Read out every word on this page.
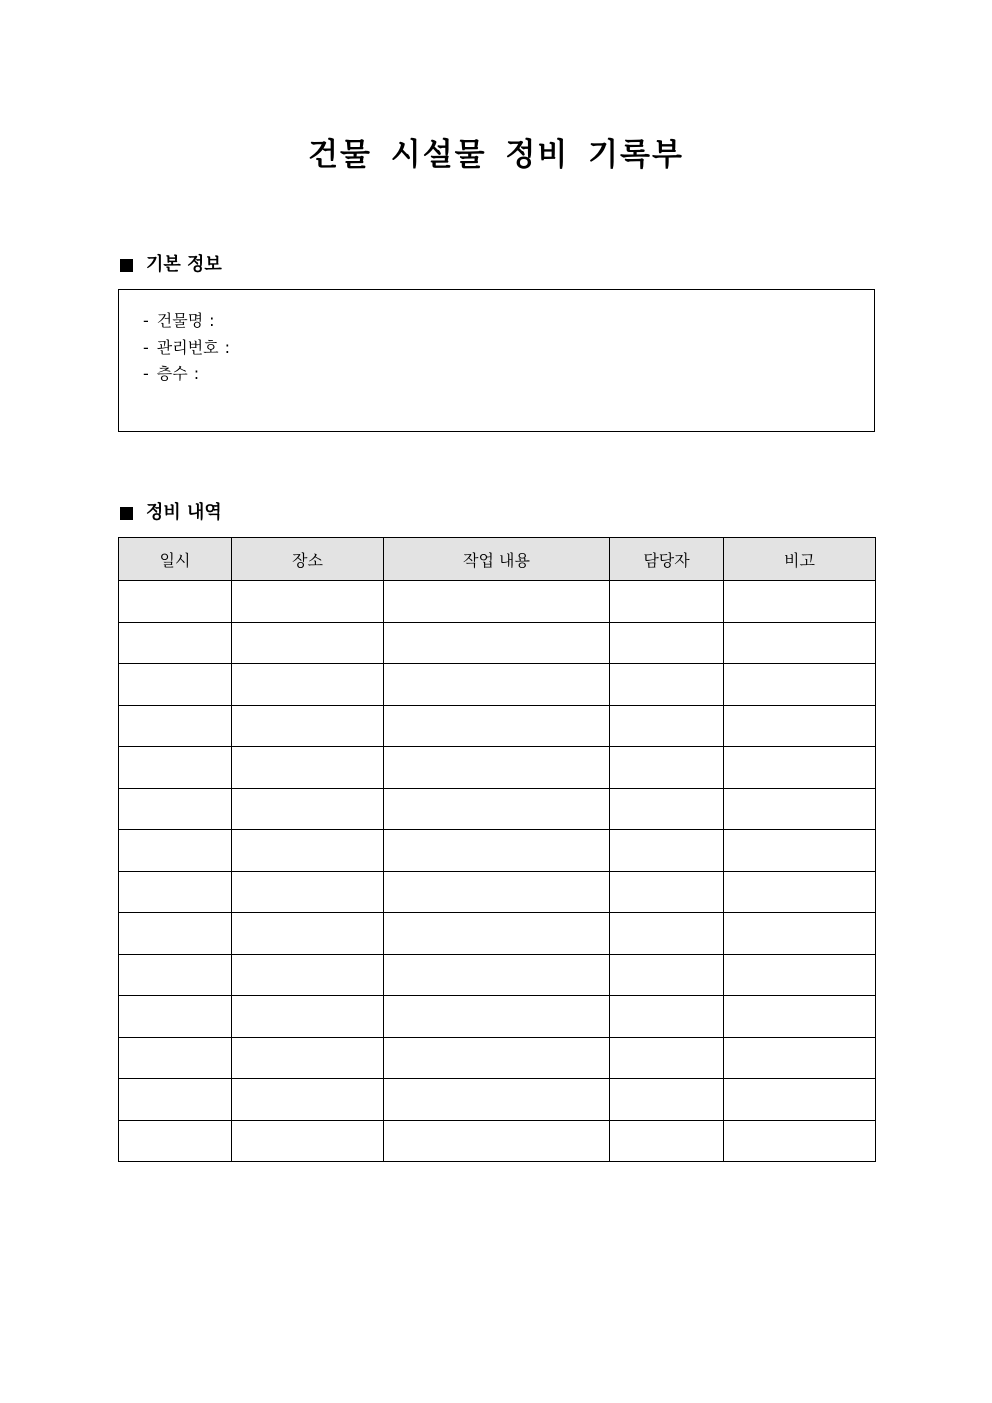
건물 시설물 정비 기록부
기본 정보
- 건물명 :
- 관리번호 :
- 층수 :
정비 내역
일시	장소	작업 내용	담당자	비고
